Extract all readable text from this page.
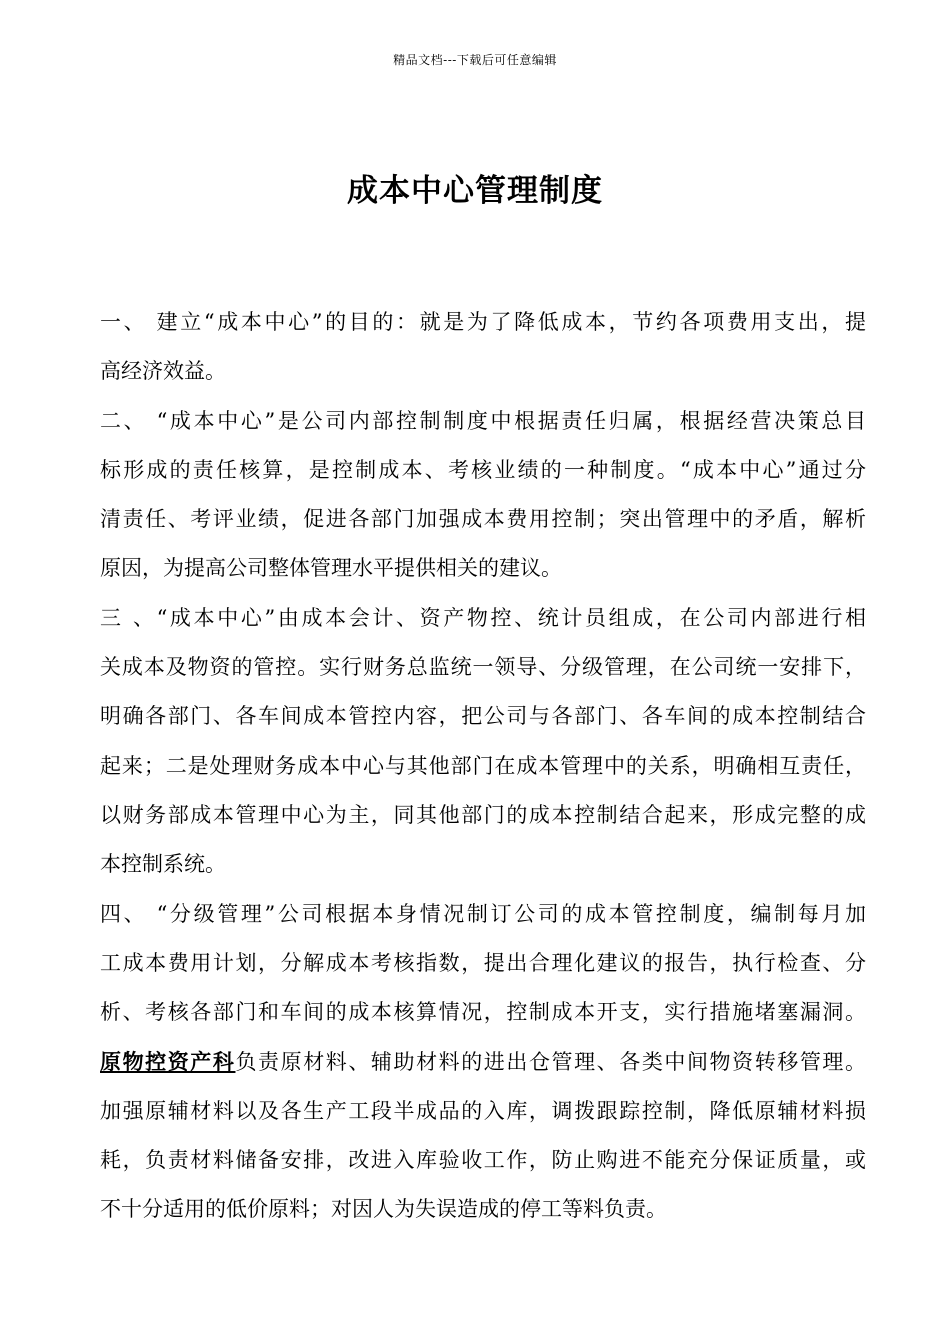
精品文档---下载后可任意编辑
成本中心管理制度
一、 建立“成本中心”的目的：就是为了降低成本，节约各项费用支出，提
高经济效益。
二、 “成本中心”是公司内部控制制度中根据责任归属，根据经营决策总目
标形成的责任核算，是控制成本、考核业绩的一种制度。“成本中心”通过分
清责任、考评业绩，促进各部门加强成本费用控制；突出管理中的矛盾，解析
原因，为提高公司整体管理水平提供相关的建议。
三 、“成本中心”由成本会计、资产物控、统计员组成，在公司内部进行相
关成本及物资的管控。实行财务总监统一领导、分级管理，在公司统一安排下，
明确各部门、各车间成本管控内容，把公司与各部门、各车间的成本控制结合
起来；二是处理财务成本中心与其他部门在成本管理中的关系，明确相互责任，
以财务部成本管理中心为主，同其他部门的成本控制结合起来，形成完整的成
本控制系统。
四、 “分级管理”公司根据本身情况制订公司的成本管控制度，编制每月加
工成本费用计划，分解成本考核指数，提出合理化建议的报告，执行检查、分
析、考核各部门和车间的成本核算情况，控制成本开支，实行措施堵塞漏洞。
原物控资产科负责原材料、辅助材料的进出仓管理、各类中间物资转移管理。
加强原辅材料以及各生产工段半成品的入库，调拨跟踪控制，降低原辅材料损
耗，负责材料储备安排，改进入库验收工作，防止购进不能充分保证质量，或
不十分适用的低价原料；对因人为失误造成的停工等料负责。
